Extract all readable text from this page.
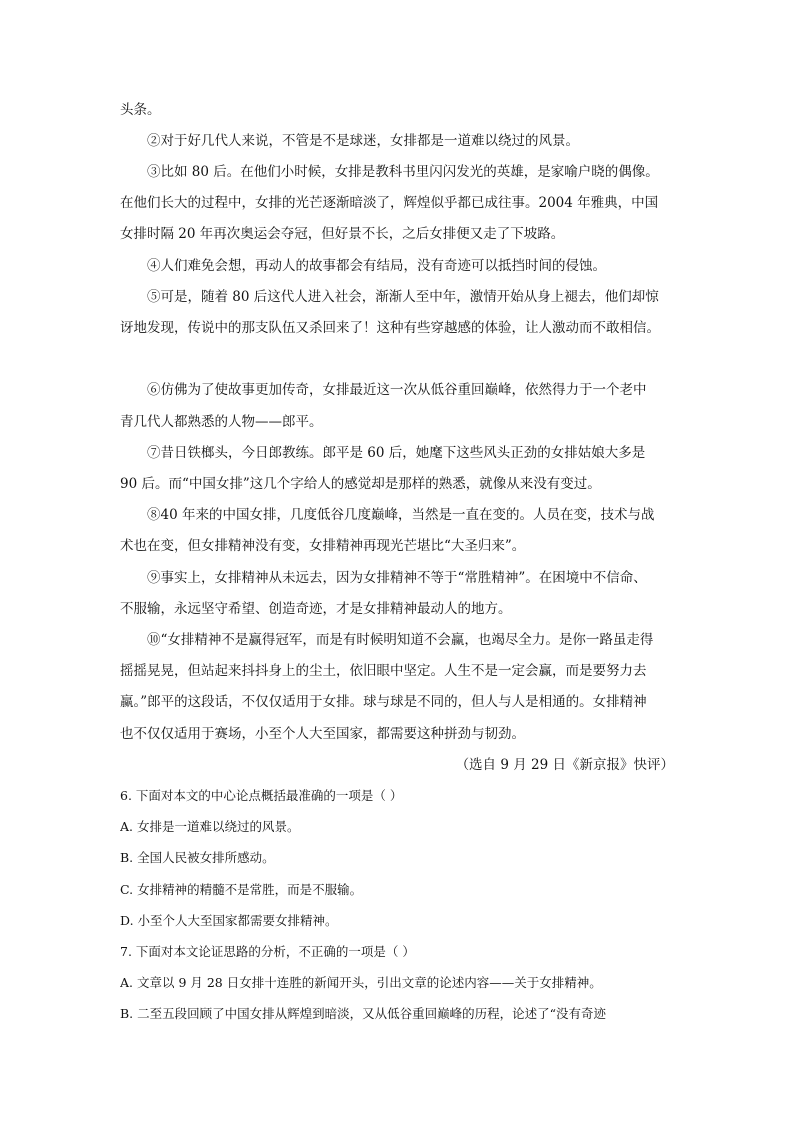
头条。
②对于好几代人来说，不管是不是球迷，女排都是一道难以绕过的风景。
③比如 80 后。在他们小时候，女排是教科书里闪闪发光的英雄，是家喻户晓的偶像。
在他们长大的过程中，女排的光芒逐渐暗淡了，辉煌似乎都已成往事。2004 年雅典，中国
女排时隔 20 年再次奥运会夺冠，但好景不长，之后女排便又走了下坡路。
④人们难免会想，再动人的故事都会有结局，没有奇迹可以抵挡时间的侵蚀。
⑤可是，随着 80 后这代人进入社会，渐渐人至中年，激情开始从身上褪去，他们却惊
讶地发现，传说中的那支队伍又杀回来了！这种有些穿越感的体验，让人激动而不敢相信。
⑥仿佛为了使故事更加传奇，女排最近这一次从低谷重回巅峰，依然得力于一个老中
青几代人都熟悉的人物——郎平。
⑦昔日铁榔头，今日郎教练。郎平是 60 后，她麾下这些风头正劲的女排姑娘大多是
90 后。而“中国女排”这几个字给人的感觉却是那样的熟悉，就像从来没有变过。
⑧40 年来的中国女排，几度低谷几度巅峰，当然是一直在变的。人员在变，技术与战
术也在变，但女排精神没有变，女排精神再现光芒堪比“大圣归来”。
⑨事实上，女排精神从未远去，因为女排精神不等于“常胜精神”。在困境中不信命、
不服输，永远坚守希望、创造奇迹，才是女排精神最动人的地方。
⑩“女排精神不是赢得冠军，而是有时候明知道不会赢，也竭尽全力。是你一路虽走得
摇摇晃晃，但站起来抖抖身上的尘土，依旧眼中坚定。人生不是一定会赢，而是要努力去
赢。”郎平的这段话，不仅仅适用于女排。球与球是不同的，但人与人是相通的。女排精神
也不仅仅适用于赛场，小至个人大至国家，都需要这种拼劲与韧劲。
（选自 9 月 29 日《新京报》快评）
6. 下面对本文的中心论点概括最准确的一项是（ ）
A. 女排是一道难以绕过的风景。
B. 全国人民被女排所感动。
C. 女排精神的精髓不是常胜，而是不服输。
D. 小至个人大至国家都需要女排精神。
7. 下面对本文论证思路的分析，不正确的一项是（ ）
A. 文章以 9 月 28 日女排十连胜的新闻开头，引出文章的论述内容——关于女排精神。
B. 二至五段回顾了中国女排从辉煌到暗淡，又从低谷重回巅峰的历程，论述了“没有奇迹
